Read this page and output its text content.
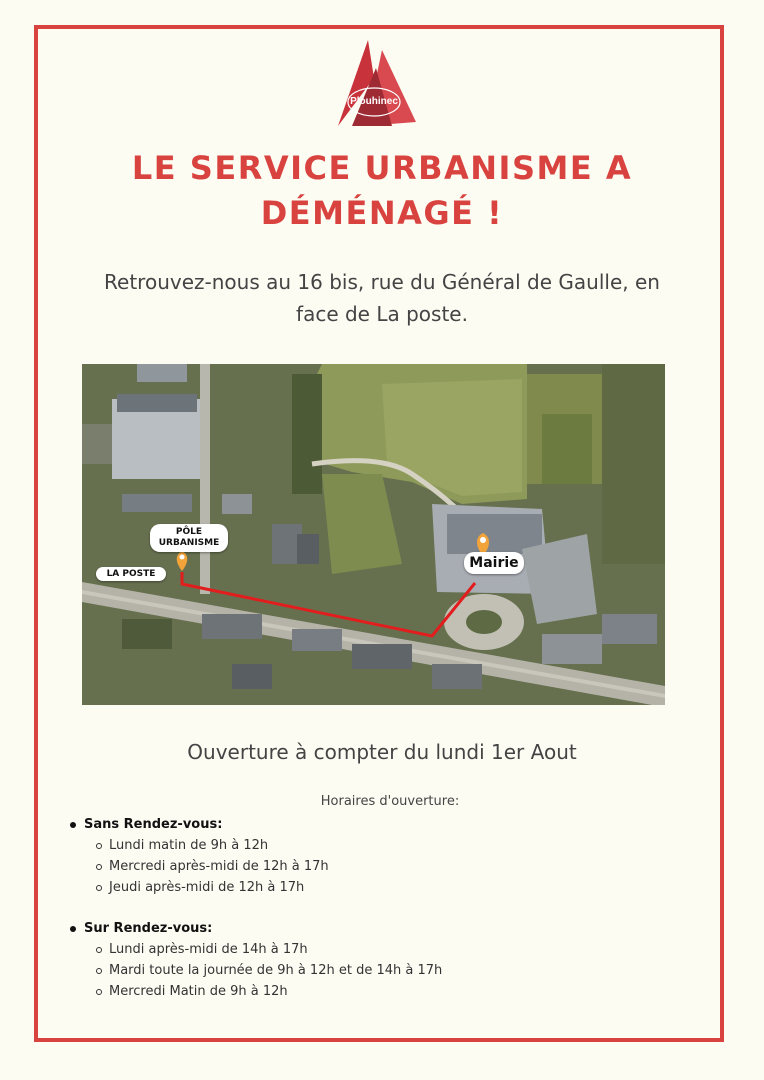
Plouhinec
LE SERVICE URBANISME A DÉMÉNAGÉ !
Retrouvez-nous au 16 bis, rue du Général de Gaulle, en face de La poste.
PÔLE
URBANISME
LA POSTE
Mairie
Ouverture à compter du lundi 1er Aout
Horaires d'ouverture:
Sans Rendez-vous:
Lundi matin de 9h à 12h
Mercredi après-midi de 12h à 17h
Jeudi après-midi de 12h à 17h
Sur Rendez-vous:
Lundi après-midi de 14h à 17h
Mardi toute la journée de 9h à 12h et de 14h à 17h
Mercredi Matin de 9h à 12h
